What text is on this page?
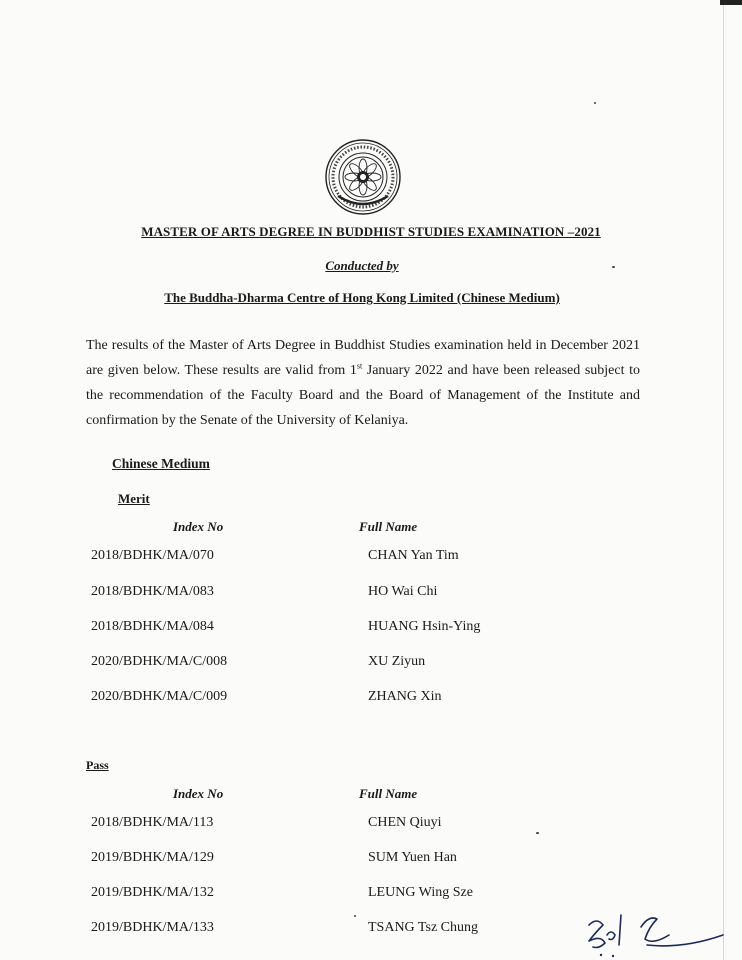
MASTER OF ARTS DEGREE IN BUDDHIST STUDIES EXAMINATION –2021
Conducted by
The Buddha-Dharma Centre of Hong Kong Limited (Chinese Medium)
The results of the Master of Arts Degree in Buddhist Studies examination held in December 2021 are given below. These results are valid from 1st January 2022 and have been released subject to the recommendation of the Faculty Board and the Board of Management of the Institute and confirmation by the Senate of the University of Kelaniya.
Chinese Medium
Merit
Index No	Full Name
2018/BDHK/MA/070	CHAN Yan Tim
2018/BDHK/MA/083	HO Wai Chi
2018/BDHK/MA/084	HUANG Hsin-Ying
2020/BDHK/MA/C/008	XU Ziyun
2020/BDHK/MA/C/009	ZHANG Xin
Pass
Index No	Full Name
2018/BDHK/MA/113	CHEN Qiuyi
2019/BDHK/MA/129	SUM Yuen Han
2019/BDHK/MA/132	LEUNG Wing Sze
2019/BDHK/MA/133	TSANG Tsz Chung
